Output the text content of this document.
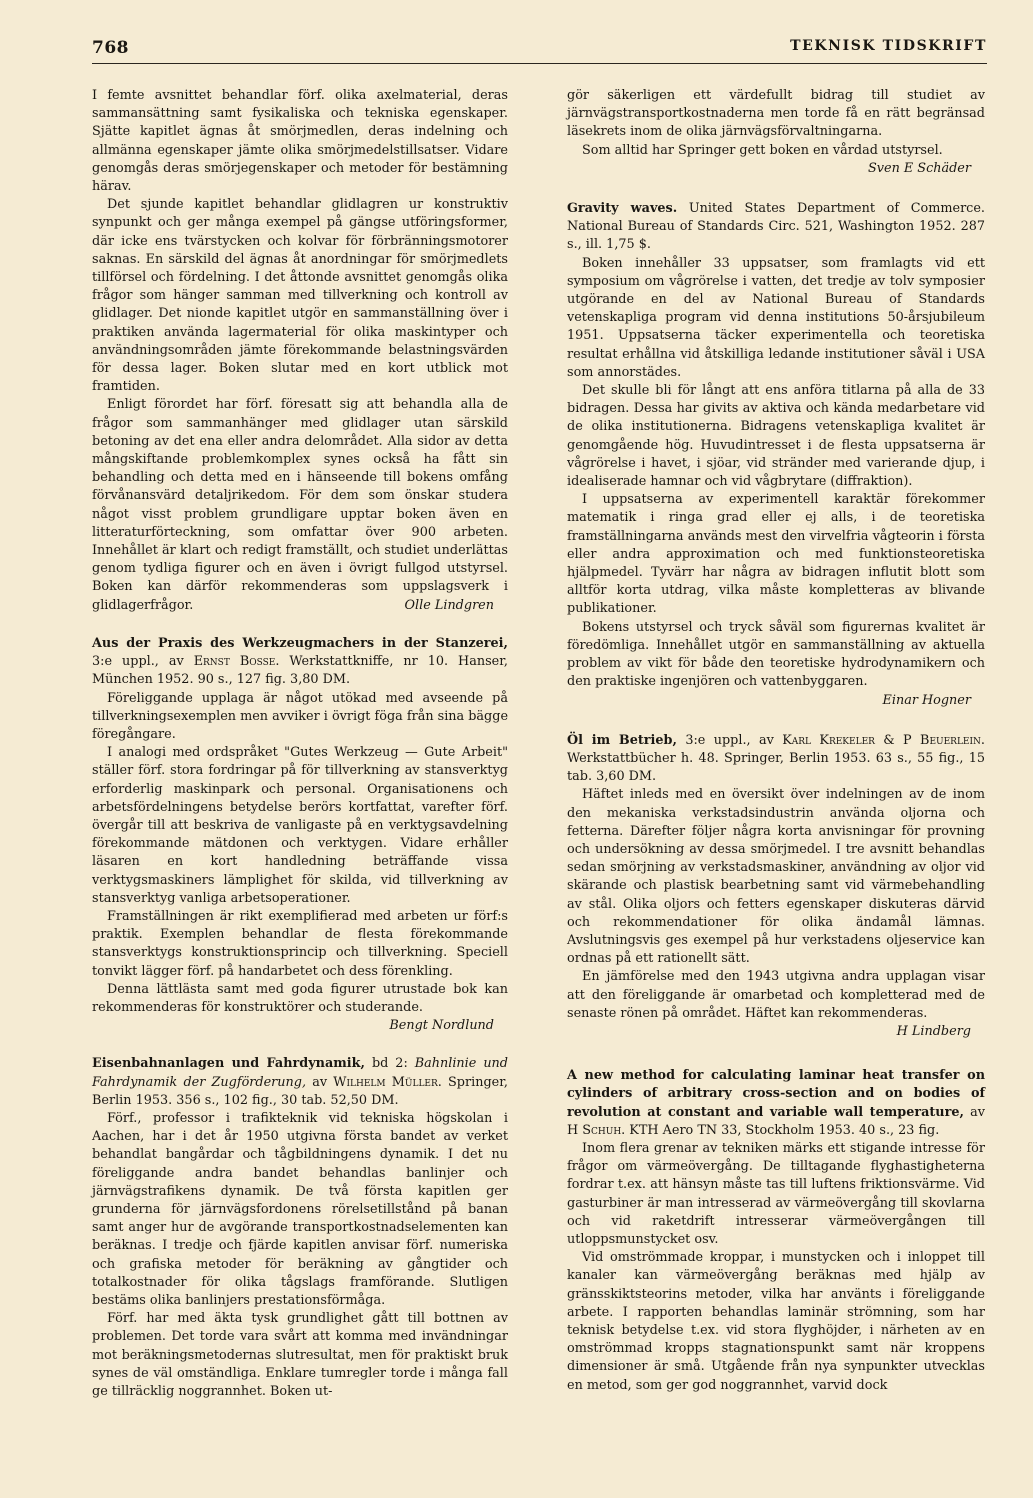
768	TEKNISK TIDSKRIFT

I femte avsnittet behandlar förf. olika axelmaterial, deras sammansättning samt fysikaliska och tekniska egenskaper. Sjätte kapitlet ägnas åt smörjmedlen, deras indelning och allmänna egenskaper jämte olika smörjmedelstillsatser. Vidare genomgås deras smörjegenskaper och metoder för bestämning härav.

Det sjunde kapitlet behandlar glidlagren ur konstruktiv synpunkt och ger många exempel på gängse utföringsformer, där icke ens tvärstycken och kolvar för förbränningsmotorer saknas. En särskild del ägnas åt anordningar för smörjmedlets tillförsel och fördelning. I det åttonde avsnittet genomgås olika frågor som hänger samman med tillverkning och kontroll av glidlager. Det nionde kapitlet utgör en sammanställning över i praktiken använda lagermaterial för olika maskintyper och användningsområden jämte förekommande belastningsvärden för dessa lager. Boken slutar med en kort utblick mot framtiden.

Enligt förordet har förf. föresatt sig att behandla alla de frågor som sammanhänger med glidlager utan särskild betoning av det ena eller andra delområdet. Alla sidor av detta mångskiftande problemkomplex synes också ha fått sin behandling och detta med en i hänseende till bokens omfång förvånansvärd detaljrikedom. För dem som önskar studera något visst problem grundligare upptar boken även en litteraturförteckning, som omfattar över 900 arbeten. Innehållet är klart och redigt framställt, och studiet underlättas genom tydliga figurer och en även i övrigt fullgod utstyrsel. Boken kan därför rekommenderas som uppslagsverk i glidlagerfrågor.	Olle Lindgren

Aus der Praxis des Werkzeugmachers in der Stanzerei, 3:e uppl., av Ernst Bosse. Werkstattkniffe, nr 10. Hanser, München 1952. 90 s., 127 fig. 3,80 DM.

Föreliggande upplaga är något utökad med avseende på tillverkningsexemplen men avviker i övrigt föga från sina bägge föregångare.

I analogi med ordspråket "Gutes Werkzeug — Gute Arbeit" ställer förf. stora fordringar på för tillverkning av stansverktyg erforderlig maskinpark och personal. Organisationens och arbetsfördelningens betydelse berörs kortfattat, varefter förf. övergår till att beskriva de vanligaste på en verktygsavdelning förekommande mätdonen och verktygen. Vidare erhåller läsaren en kort handledning beträffande vissa verktygsmaskiners lämplighet för skilda, vid tillverkning av stansverktyg vanliga arbetsoperationer.

Framställningen är rikt exemplifierad med arbeten ur förf:s praktik. Exemplen behandlar de flesta förekommande stansverktygs konstruktionsprincip och tillverkning. Speciell tonvikt lägger förf. på handarbetet och dess förenkling.

Denna lättlästa samt med goda figurer utrustade bok kan rekommenderas för konstruktörer och studerande.

Bengt Nordlund

Eisenbahnanlagen und Fahrdynamik, bd 2: Bahnlinie und Fahrdynamik der Zugförderung, av Wilhelm Müller. Springer, Berlin 1953. 356 s., 102 fig., 30 tab. 52,50 DM.

Förf., professor i trafikteknik vid tekniska högskolan i Aachen, har i det år 1950 utgivna första bandet av verket behandlat bangårdar och tågbildningens dynamik. I det nu föreliggande andra bandet behandlas banlinjer och järnvägstrafikens dynamik. De två första kapitlen ger grunderna för järnvägsfordonens rörelsetillstånd på banan samt anger hur de avgörande transportkostnadselementen kan beräknas. I tredje och fjärde kapitlen anvisar förf. numeriska och grafiska metoder för beräkning av gångtider och totalkostnader för olika tågslags framförande. Slutligen bestäms olika banlinjers prestationsförmåga.

Förf. har med äkta tysk grundlighet gått till bottnen av problemen. Det torde vara svårt att komma med invändningar mot beräkningsmetodernas slutresultat, men för praktiskt bruk synes de väl omständliga. Enklare tumregler torde i många fall ge tillräcklig noggrannhet. Boken ut-

gör säkerligen ett värdefullt bidrag till studiet av järnvägstransportkostnaderna men torde få en rätt begränsad läsekrets inom de olika järnvägsförvaltningarna.

Som alltid har Springer gett boken en vårdad utstyrsel.

Sven E Schäder

Gravity waves. United States Department of Commerce. National Bureau of Standards Circ. 521, Washington 1952. 287 s., ill. 1,75 $.

Boken innehåller 33 uppsatser, som framlagts vid ett symposium om vågrörelse i vatten, det tredje av tolv symposier utgörande en del av National Bureau of Standards vetenskapliga program vid denna institutions 50-årsjubileum 1951. Uppsatserna täcker experimentella och teoretiska resultat erhållna vid åtskilliga ledande institutioner såväl i USA som annorstädes.

Det skulle bli för långt att ens anföra titlarna på alla de 33 bidragen. Dessa har givits av aktiva och kända medarbetare vid de olika institutionerna. Bidragens vetenskapliga kvalitet är genomgående hög. Huvudintresset i de flesta uppsatserna är vågrörelse i havet, i sjöar, vid stränder med varierande djup, i idealiserade hamnar och vid vågbrytare (diffraktion).

I uppsatserna av experimentell karaktär förekommer matematik i ringa grad eller ej alls, i de teoretiska framställningarna används mest den virvelfria vågteorin i första eller andra approximation och med funktionsteoretiska hjälpmedel. Tyvärr har några av bidragen influtit blott som alltför korta utdrag, vilka måste kompletteras av blivande publikationer.

Bokens utstyrsel och tryck såväl som figurernas kvalitet är föredömliga. Innehållet utgör en sammanställning av aktuella problem av vikt för både den teoretiske hydrodynamikern och den praktiske ingenjören och vattenbyggaren.
Einar Hogner

Öl im Betrieb, 3:e uppl., av Karl Krekeler & P Beuerlein. Werkstattbücher h. 48. Springer, Berlin 1953. 63 s., 55 fig., 15 tab. 3,60 DM.

Häftet inleds med en översikt över indelningen av de inom den mekaniska verkstadsindustrin använda oljorna och fetterna. Därefter följer några korta anvisningar för provning och undersökning av dessa smörjmedel. I tre avsnitt behandlas sedan smörjning av verkstadsmaskiner, användning av oljor vid skärande och plastisk bearbetning samt vid värmebehandling av stål. Olika oljors och fetters egenskaper diskuteras därvid och rekommendationer för olika ändamål lämnas. Avslutningsvis ges exempel på hur verkstadens oljeservice kan ordnas på ett rationellt sätt.

En jämförelse med den 1943 utgivna andra upplagan visar att den föreliggande är omarbetad och kompletterad med de senaste rönen på området. Häftet kan rekommenderas.
H Lindberg

A new method for calculating laminar heat transfer on cylinders of arbitrary cross-section and on bodies of revolution at constant and variable wall temperature, av H Schuh. KTH Aero TN 33, Stockholm 1953. 40 s., 23 fig.

Inom flera grenar av tekniken märks ett stigande intresse för frågor om värmeövergång. De tilltagande flyghastigheterna fordrar t.ex. att hänsyn måste tas till luftens friktionsvärme. Vid gasturbiner är man intresserad av värmeövergång till skovlarna och vid raketdrift intresserar värmeövergången till utloppsmunstycket osv.

Vid omströmmade kroppar, i munstycken och i inloppet till kanaler kan värmeövergång beräknas med hjälp av gränsskiktsteorins metoder, vilka har använts i föreliggande arbete. I rapporten behandlas laminär strömning, som har teknisk betydelse t.ex. vid stora flyghöjder, i närheten av en omströmmad kropps stagnationspunkt samt när kroppens dimensioner är små. Utgående från nya synpunkter utvecklas en metod, som ger god noggrannhet, varvid dock
